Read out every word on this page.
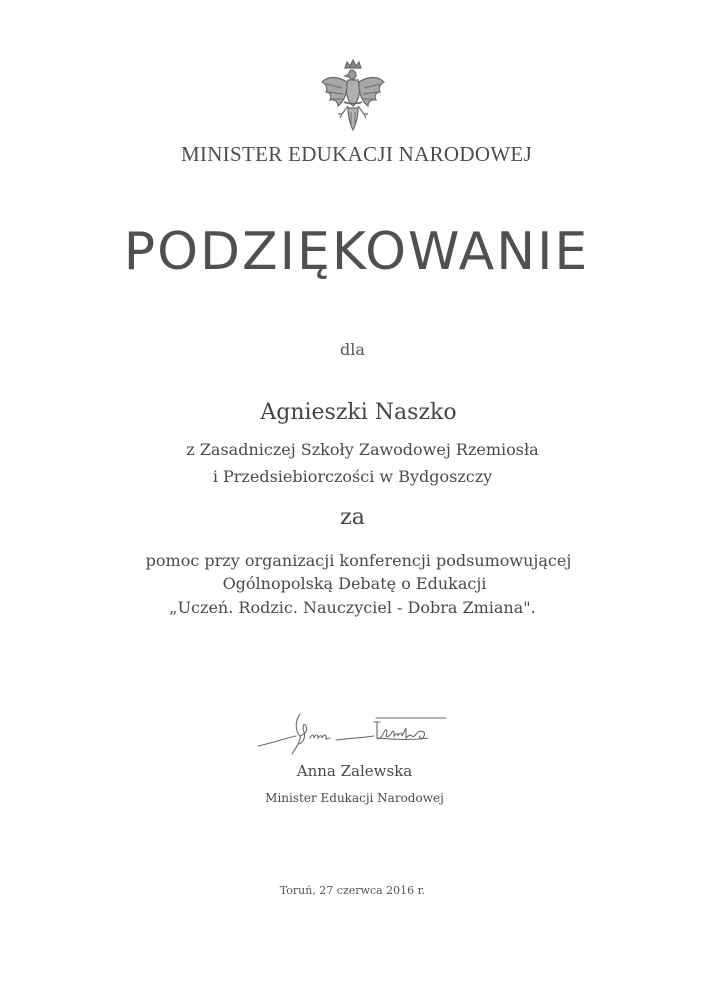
MINISTER EDUKACJI NARODOWEJ
PODZIĘKOWANIE
dla
Agnieszki Naszko
z Zasadniczej Szkoły Zawodowej Rzemiosła
i Przedsiebiorczości w Bydgoszczy
za
pomoc przy organizacji konferencji podsumowującej
Ogólnopolską Debatę o Edukacji
„Uczeń. Rodzic. Nauczyciel - Dobra Zmiana".
Anna Zalewska
Minister Edukacji Narodowej
Toruń, 27 czerwca 2016 r.
